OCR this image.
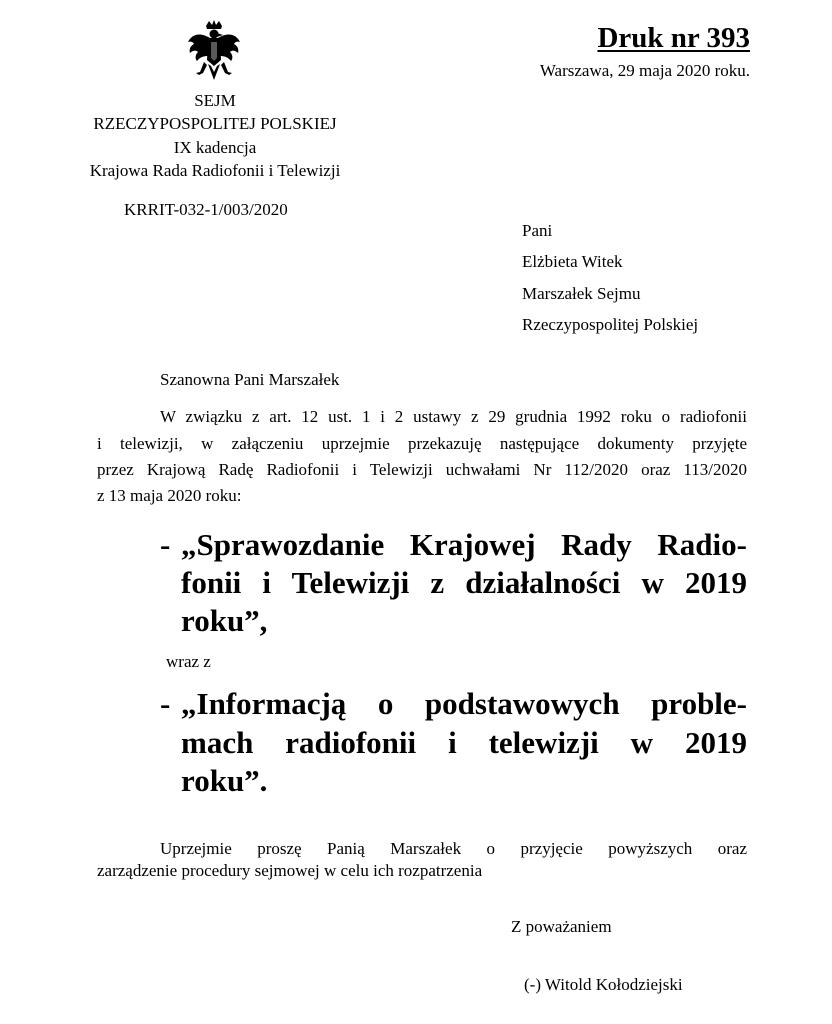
SEJM

RZECZYPOSPOLITEJ POLSKIEJ

IX kadencja

Krajowa Rada Radiofonii i Telewizji

KRRIT-032-1/003/2020

Druk nr 393

Warszawa, 29 maja 2020 roku.

Pani

Elżbieta Witek

Marszałek Sejmu

Rzeczypospolitej Polskiej

Szanowna Pani Marszałek

W związku z art. 12 ust. 1 i 2 ustawy z 29 grudnia 1992 roku o radiofonii

i telewizji, w załączeniu uprzejmie przekazuję następujące dokumenty przyjęte

przez Krajową Radę Radiofonii i Telewizji uchwałami Nr 112/2020 oraz 113/2020

z 13 maja 2020 roku:

- „Sprawozdanie Krajowej Rady Radio-

fonii i Telewizji z działalności w 2019

roku”,

wraz z

- „Informacją o podstawowych proble-

mach radiofonii i telewizji w 2019

roku”.

Uprzejmie proszę Panią Marszałek o przyjęcie powyższych oraz

zarządzenie procedury sejmowej w celu ich rozpatrzenia

Z poważaniem

(-) Witold Kołodziejski
